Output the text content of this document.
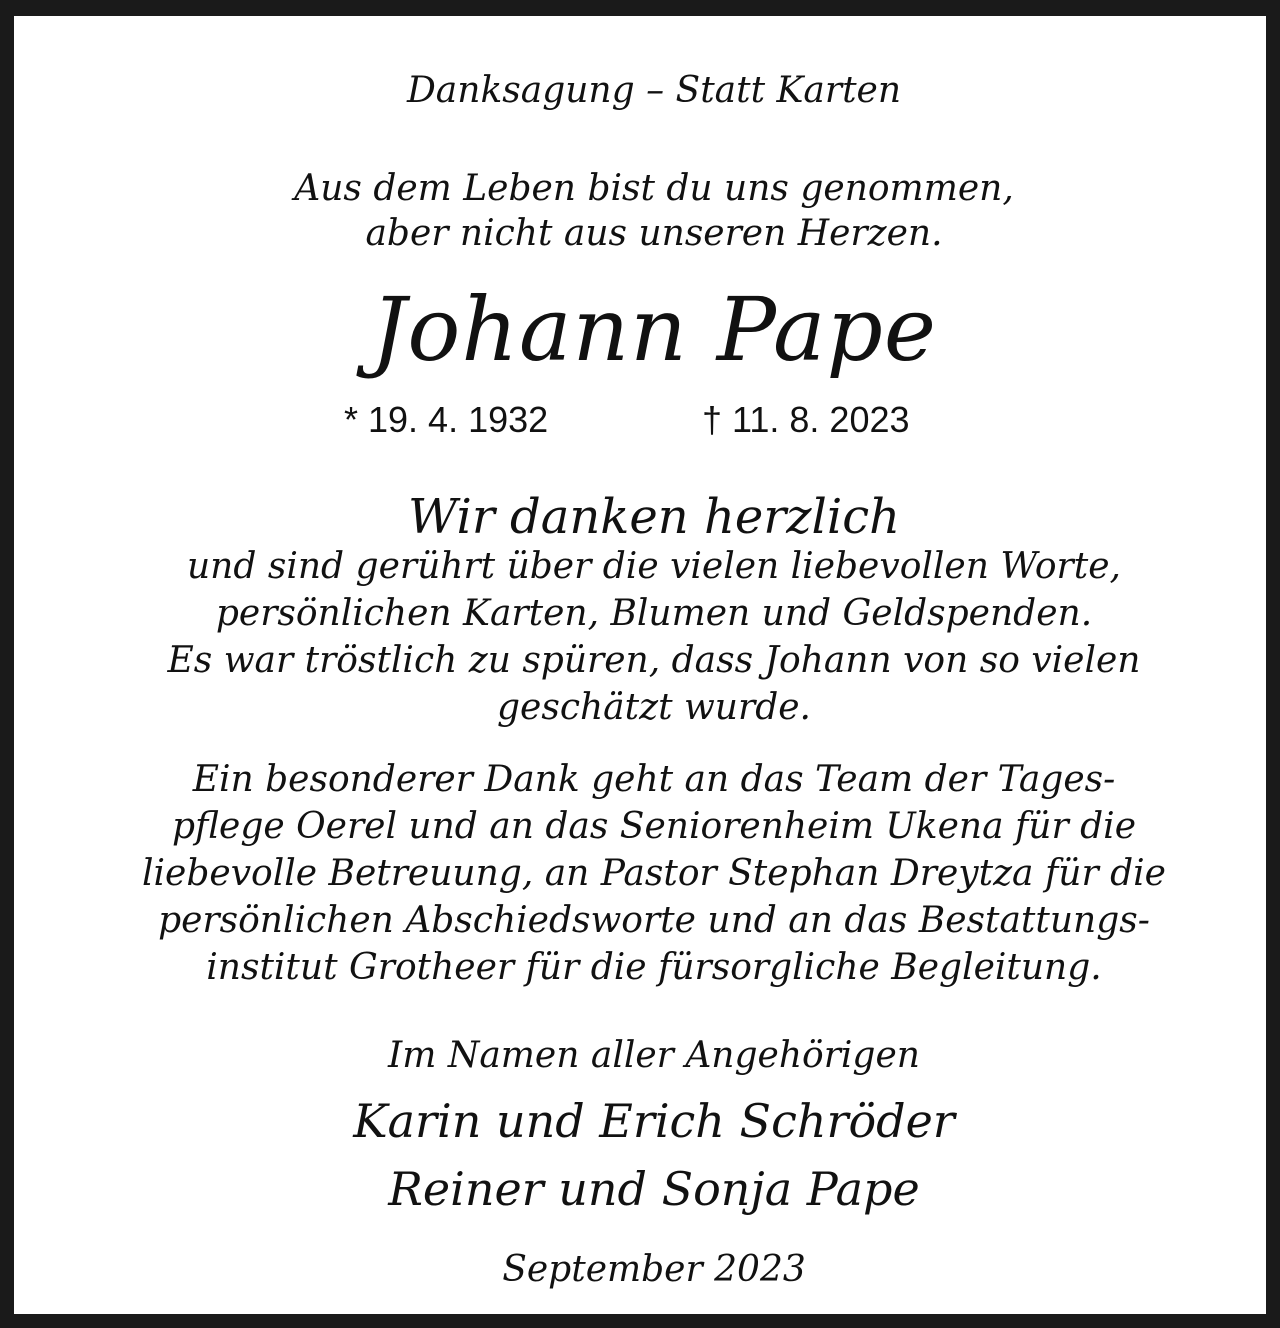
Danksagung – Statt Karten
Aus dem Leben bist du uns genommen,
aber nicht aus unseren Herzen.
Johann Pape
* 19. 4. 1932	† 11. 8. 2023
Wir danken herzlich
und sind gerührt über die vielen liebevollen Worte,
persönlichen Karten, Blumen und Geldspenden.
Es war tröstlich zu spüren, dass Johann von so vielen
geschätzt wurde.
Ein besonderer Dank geht an das Team der Tages-
pflege Oerel und an das Seniorenheim Ukena für die
liebevolle Betreuung, an Pastor Stephan Dreytza für die
persönlichen Abschiedsworte und an das Bestattungs-
institut Grotheer für die fürsorgliche Begleitung.
Im Namen aller Angehörigen
Karin und Erich Schröder
Reiner und Sonja Pape
September 2023
